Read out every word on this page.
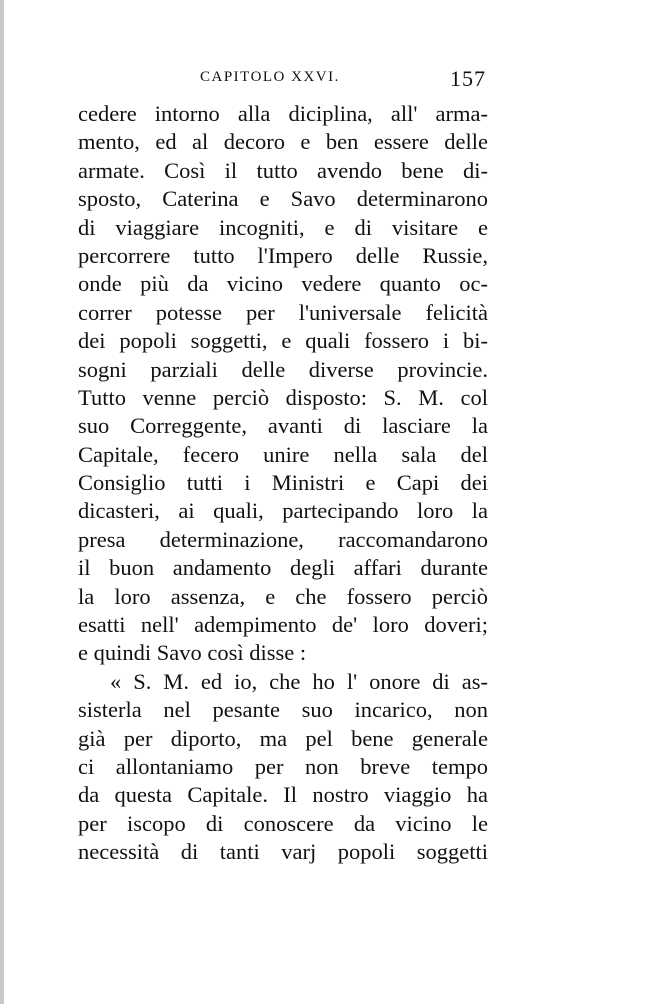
CAPITOLO XXVI.	157
cedere intorno alla diciplina, all' arma-
mento, ed al decoro e ben essere delle
armate. Così il tutto avendo bene di-
sposto, Caterina e Savo determinarono
di viaggiare incogniti, e di visitare e
percorrere tutto l'Impero delle Russie,
onde più da vicino vedere quanto oc-
correr potesse per l'universale felicità
dei popoli soggetti, e quali fossero i bi-
sogni parziali delle diverse provincie.
Tutto venne perciò disposto: S. M. col
suo Correggente, avanti di lasciare la
Capitale, fecero unire nella sala del
Consiglio tutti i Ministri e Capi dei
dicasteri, ai quali, partecipando loro la
presa determinazione, raccomandarono
il buon andamento degli affari durante
la loro assenza, e che fossero perciò
esatti nell' adempimento de' loro doveri;
e quindi Savo così disse :
« S. M. ed io, che ho l' onore di as-
sisterla nel pesante suo incarico, non
già per diporto, ma pel bene generale
ci allontaniamo per non breve tempo
da questa Capitale. Il nostro viaggio ha
per iscopo di conoscere da vicino le
necessità di tanti varj popoli soggetti
